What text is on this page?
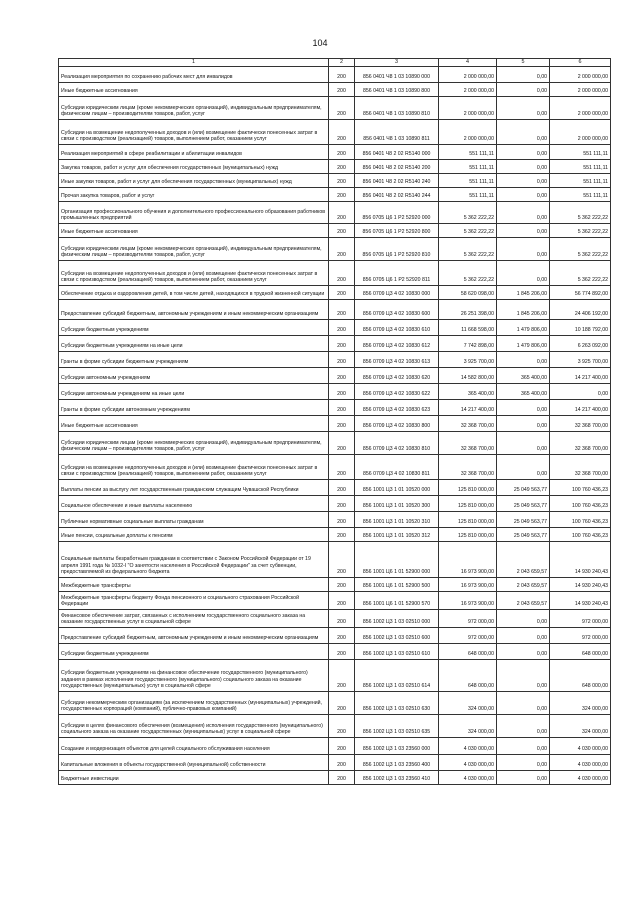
104
1	2	3	4	5	6
Реализация мероприятия по сохранению рабочих мест для инвалидов	200	856 0401 Ч8 1 03 10890 000	2 000 000,00	0,00	2 000 000,00
Иные бюджетные ассигнования	200	856 0401 Ч8 1 03 10890 800	2 000 000,00	0,00	2 000 000,00
Субсидии юридическим лицам (кроме некоммерческих организаций), индивидуальным предпринимателям, физическим лицам – производителям товаров, работ, услуг	200	856 0401 Ч8 1 03 10890 810	2 000 000,00	0,00	2 000 000,00
Субсидии на возмещение недополученных доходов и (или) возмещение фактически понесенных затрат в связи с производством (реализацией) товаров, выполнением работ, оказанием услуг	200	856 0401 Ч8 1 03 10890 811	2 000 000,00	0,00	2 000 000,00
Реализация мероприятий в сфере реабилитации и абилитации инвалидов	200	856 0401 Ч8 2 02 R5140 000	551 111,11	0,00	551 111,11
Закупка товаров, работ и услуг для обеспечения государственных (муниципальных) нужд	200	856 0401 Ч8 2 02 R5140 200	551 111,11	0,00	551 111,11
Иные закупки товаров, работ и услуг для обеспечения государственных (муниципальных) нужд	200	856 0401 Ч8 2 02 R5140 240	551 111,11	0,00	551 111,11
Прочая закупка товаров, работ и услуг	200	856 0401 Ч8 2 02 R5140 244	551 111,11	0,00	551 111,11
Организация профессионального обучения и дополнительного профессионального образования работников промышленных предприятий	200	856 0705 Ц6 1 P2 52920 000	5 362 222,22	0,00	5 362 222,22
Иные бюджетные ассигнования	200	856 0705 Ц6 1 P2 52920 800	5 362 222,22	0,00	5 362 222,22
Субсидии юридическим лицам (кроме некоммерческих организаций), индивидуальным предпринимателям, физическим лицам – производителям товаров, работ, услуг	200	856 0705 Ц6 1 P2 52920 810	5 362 222,22	0,00	5 362 222,22
Субсидии на возмещение недополученных доходов и (или) возмещение фактически понесенных затрат в связи с производством (реализацией) товаров, выполнением работ, оказанием услуг	200	856 0705 Ц6 1 P2 52920 811	5 362 222,22	0,00	5 362 222,22
Обеспечение отдыха и оздоровления детей, в том числе детей, находящихся в трудной жизненной ситуации	200	856 0709 Ц3 4 02 10830 000	58 620 098,00	1 845 206,00	56 774 892,00
Предоставление субсидий бюджетным, автономным учреждениям и иным некоммерческим организациям	200	856 0709 Ц3 4 02 10830 600	26 251 398,00	1 845 206,00	24 406 192,00
Субсидии бюджетным учреждениям	200	856 0709 Ц3 4 02 10830 610	11 668 598,00	1 479 806,00	10 188 792,00
Субсидии бюджетным учреждениям на иные цели	200	856 0709 Ц3 4 02 10830 612	7 742 898,00	1 479 806,00	6 263 092,00
Гранты в форме субсидии бюджетным учреждениям	200	856 0709 Ц3 4 02 10830 613	3 925 700,00	0,00	3 925 700,00
Субсидии автономным учреждениям	200	856 0709 Ц3 4 02 10830 620	14 582 800,00	365 400,00	14 217 400,00
Субсидии автономным учреждениям на иные цели	200	856 0709 Ц3 4 02 10830 622	365 400,00	365 400,00	0,00
Гранты в форме субсидии автономным учреждениям	200	856 0709 Ц3 4 02 10830 623	14 217 400,00	0,00	14 217 400,00
Иные бюджетные ассигнования	200	856 0709 Ц3 4 02 10830 800	32 368 700,00	0,00	32 368 700,00
Субсидии юридическим лицам (кроме некоммерческих организаций), индивидуальным предпринимателям, физическим лицам – производителям товаров, работ, услуг	200	856 0709 Ц3 4 02 10830 810	32 368 700,00	0,00	32 368 700,00
Субсидии на возмещение недополученных доходов и (или) возмещение фактически понесенных затрат в связи с производством (реализацией) товаров, выполнением работ, оказанием услуг	200	856 0709 Ц3 4 02 10830 811	32 368 700,00	0,00	32 368 700,00
Выплаты пенсии за выслугу лет государственным гражданским служащим Чувашской Республики	200	856 1001 Ц3 1 01 10520 000	125 810 000,00	25 049 563,77	100 760 436,23
Социальное обеспечение и иные выплаты населению	200	856 1001 Ц3 1 01 10520 300	125 810 000,00	25 049 563,77	100 760 436,23
Публичные нормативные социальные выплаты гражданам	200	856 1001 Ц3 1 01 10520 310	125 810 000,00	25 049 563,77	100 760 436,23
Иные пенсии, социальные доплаты к пенсиям	200	856 1001 Ц3 1 01 10520 312	125 810 000,00	25 049 563,77	100 760 436,23
Социальные выплаты безработным гражданам в соответствии с Законом Российской Федерации от 19 апреля 1991 года № 1032-I "О занятости населения в Российской Федерации" за счет субвенции, предоставляемой из федерального бюджета	200	856 1001 Ц6 1 01 52900 000	16 973 900,00	2 043 659,57	14 930 240,43
Межбюджетные трансферты	200	856 1001 Ц6 1 01 52900 500	16 973 900,00	2 043 659,57	14 930 240,43
Межбюджетные трансферты бюджету Фонда пенсионного и социального страхования Российской Федерации	200	856 1001 Ц6 1 01 52900 570	16 973 900,00	2 043 659,57	14 930 240,43
Финансовое обеспечение затрат, связанных с исполнением государственного социального заказа на оказание государственных услуг в социальной сфере	200	856 1002 Ц3 1 03 02510 000	972 000,00	0,00	972 000,00
Предоставление субсидий бюджетным, автономным учреждениям и иным некоммерческим организациям	200	856 1002 Ц3 1 03 02510 600	972 000,00	0,00	972 000,00
Субсидии бюджетным учреждениям	200	856 1002 Ц3 1 03 02510 610	648 000,00	0,00	648 000,00
Субсидии бюджетным учреждениям на финансовое обеспечение государственного (муниципального) задания в рамках исполнения государственного (муниципального) социального заказа на оказание государственных (муниципальных) услуг в социальной сфере	200	856 1002 Ц3 1 03 02510 614	648 000,00	0,00	648 000,00
Субсидии некоммерческим организациям (за исключением государственных (муниципальных) учреждений, государственных корпораций (компаний), публично-правовых компаний)	200	856 1002 Ц3 1 03 02510 630	324 000,00	0,00	324 000,00
Субсидии в целях финансового обеспечения (возмещения) исполнения государственного (муниципального) социального заказа на оказание государственных (муниципальных) услуг в социальной сфере	200	856 1002 Ц3 1 03 02510 635	324 000,00	0,00	324 000,00
Создание и модернизация объектов для целей социального обслуживания населения	200	856 1002 Ц3 1 03 23560 000	4 030 000,00	0,00	4 030 000,00
Капитальные вложения в объекты государственной (муниципальной) собственности	200	856 1002 Ц3 1 03 23560 400	4 030 000,00	0,00	4 030 000,00
Бюджетные инвестиции	200	856 1002 Ц3 1 03 23560 410	4 030 000,00	0,00	4 030 000,00
